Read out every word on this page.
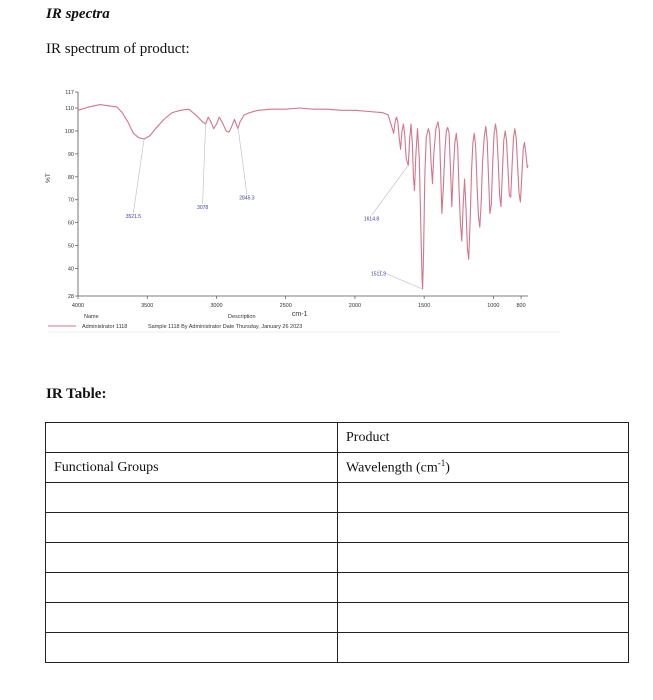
IR spectra
IR spectrum of product:
117
110
100
90
80
70
60
50
40
28
%T
4000	3500	3000	2500	2000	1500	1000	800
cm-1
3521.5
3078
2845.3
1614.8
1511.3
Name	Description
Administrator 1118	Sample 1118 By Administrator Date Thursday, January 26 2023
IR Table:
	Product
Functional Groups	Wavelength $(cm^{-1})$
